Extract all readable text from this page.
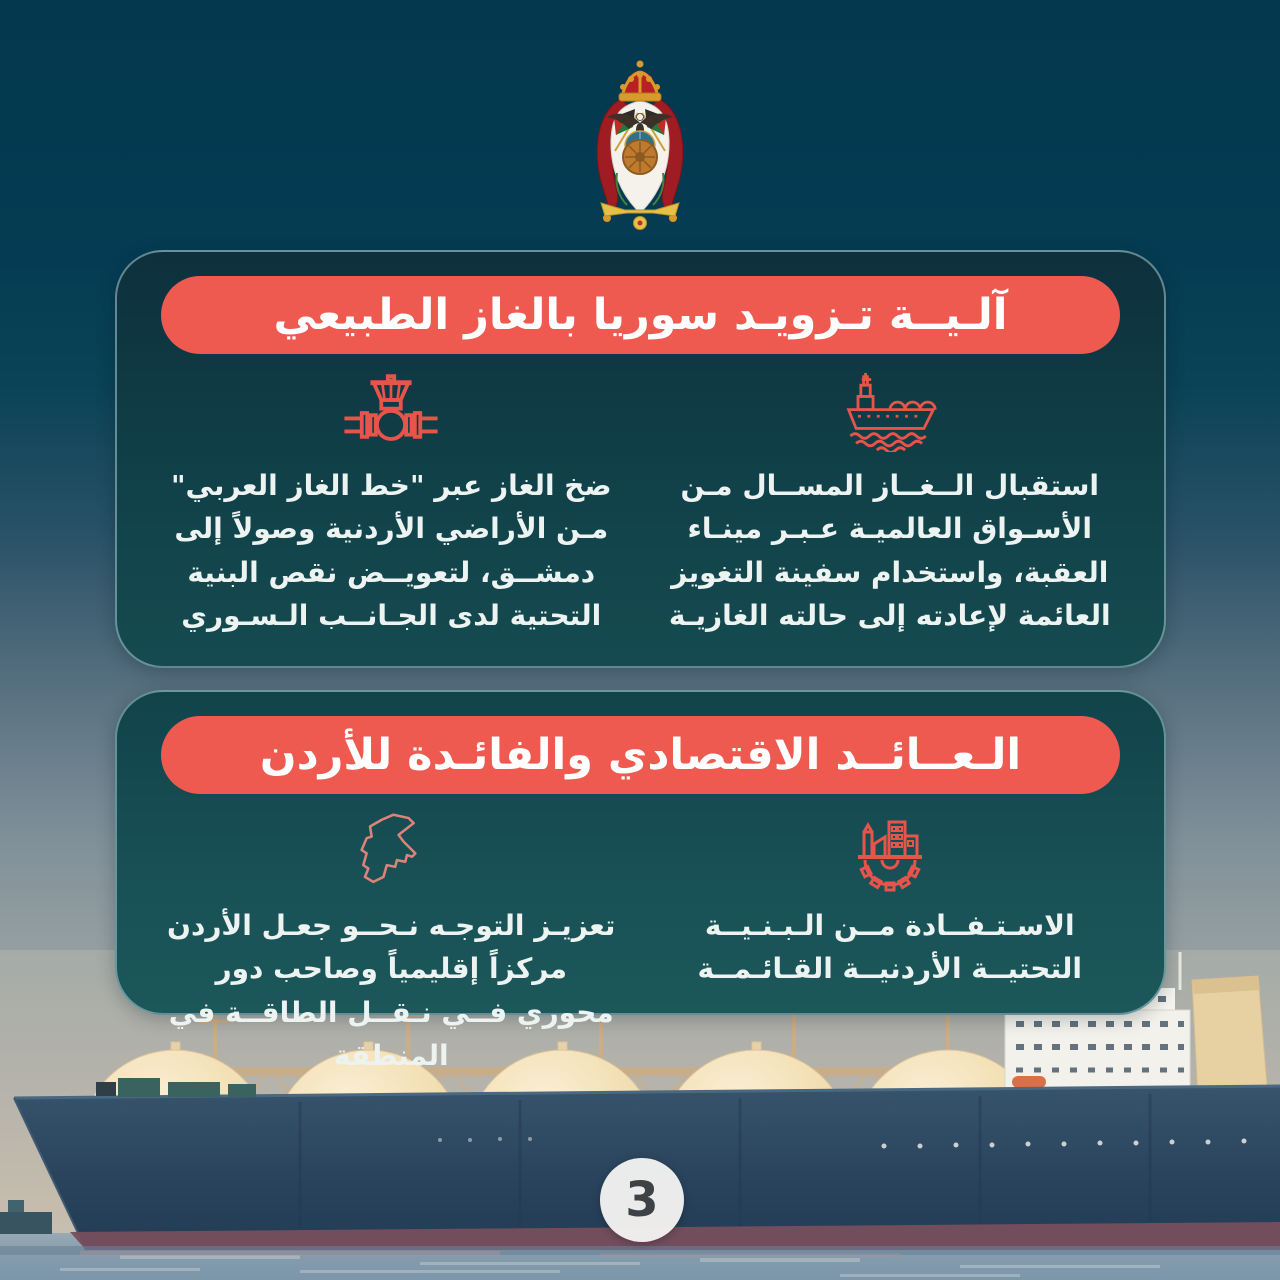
آلـيــة تـزويـد سوريا بالغاز الطبيعي

استقبال الــغــاز المســال مـن الأسـواق العالميـة عـبـر مينـاء العقبة، واستخدام سفينة التغويز العائمة لإعادته إلى حالته الغازيـة

ضخ الغاز عبر "خط الغاز العربي" مـن الأراضي الأردنية وصولاً إلى دمشــق، لتعويــض نقص البنية التحتية لدى الجـانــب الـسـوري

الـعــائــد الاقتصادي والفائـدة للأردن

الاسـتـفــادة مــن الـبـنـيــة التحتيــة الأردنيــة القـائـمــة

تعزيـز التوجـه نـحــو جعـل الأردن مركزاً إقليمياً وصاحب دور محوري فــي نـقــل الطاقــة في المنطقة

3
